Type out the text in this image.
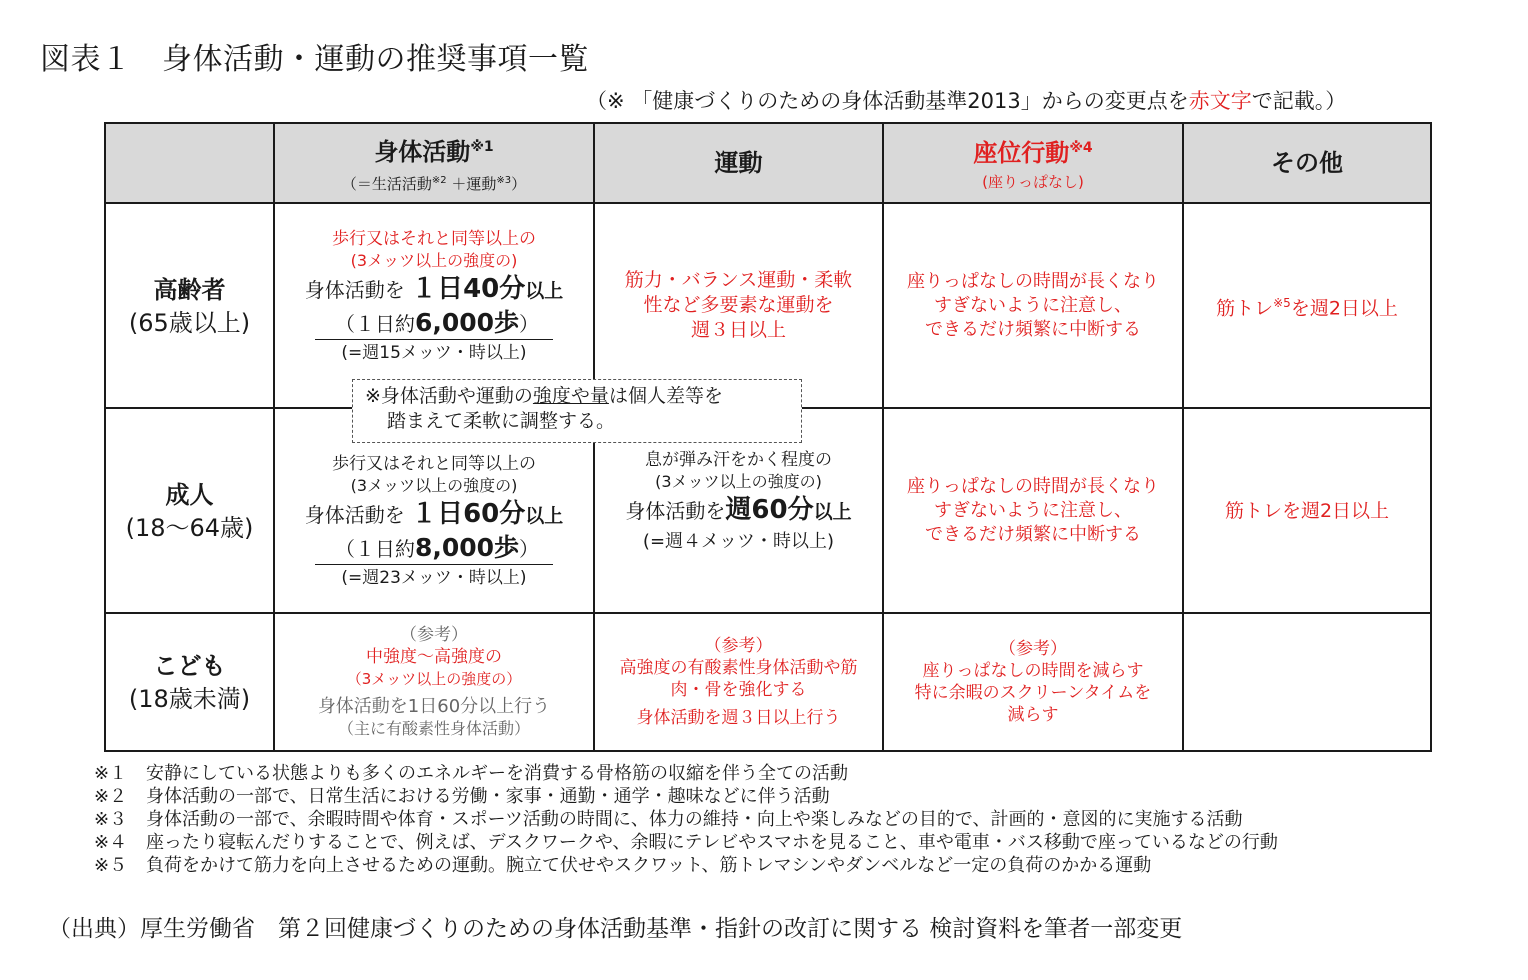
図表１　身体活動・運動の推奨事項一覧
（※ 「健康づくりのための身体活動基準2013」からの変更点を赤文字で記載。）
身体活動$^{※1}$
（＝生活活動$^{※2}$ ＋運動$^{※3}$）
運動	座位行動$^{※4}$
(座りっぱなし)
その他
高齢者
(65歳以上)
歩行又はそれと同等以上の
(3メッツ以上の強度の)
身体活動を １日40分以上
（１日約6,000歩）
(=週15メッツ・時以上)
筋力・バランス運動・柔軟
性など多要素な運動を
週３日以上
座りっぱなしの時間が長くなり
すぎないように注意し、
できるだけ頻繁に中断する
筋トレ$^{※5}$を週2日以上
成人
(18〜64歳)
歩行又はそれと同等以上の
(3メッツ以上の強度の)
身体活動を １日60分以上
（１日約8,000歩）
(=週23メッツ・時以上)
息が弾み汗をかく程度の
(3メッツ以上の強度の)
身体活動を週60分以上
(=週４メッツ・時以上)
座りっぱなしの時間が長くなり
すぎないように注意し、
できるだけ頻繁に中断する
筋トレを週2日以上
こども
(18歳未満)
（参考）
中強度〜高強度の
（3メッツ以上の強度の）
身体活動を1日60分以上行う
（主に有酸素性身体活動）
（参考）
高強度の有酸素性身体活動や筋
肉・骨を強化する
身体活動を週３日以上行う
（参考）
座りっぱなしの時間を減らす
特に余暇のスクリーンタイムを
減らす
※身体活動や運動の強度や量は個人差等を
踏まえて柔軟に調整する。
※１ 安静にしている状態よりも多くのエネルギーを消費する骨格筋の収縮を伴う全ての活動
※２ 身体活動の一部で、日常生活における労働・家事・通勤・通学・趣味などに伴う活動
※３ 身体活動の一部で、余暇時間や体育・スポーツ活動の時間に、体力の維持・向上や楽しみなどの目的で、計画的・意図的に実施する活動
※４ 座ったり寝転んだりすることで、例えば、デスクワークや、余暇にテレビやスマホを見ること、車や電車・バス移動で座っているなどの行動
※５ 負荷をかけて筋力を向上させるための運動。腕立て伏せやスクワット、筋トレマシンやダンベルなど一定の負荷のかかる運動
（出典）厚生労働省　第２回健康づくりのための身体活動基準・指針の改訂に関する 検討資料を筆者一部変更
